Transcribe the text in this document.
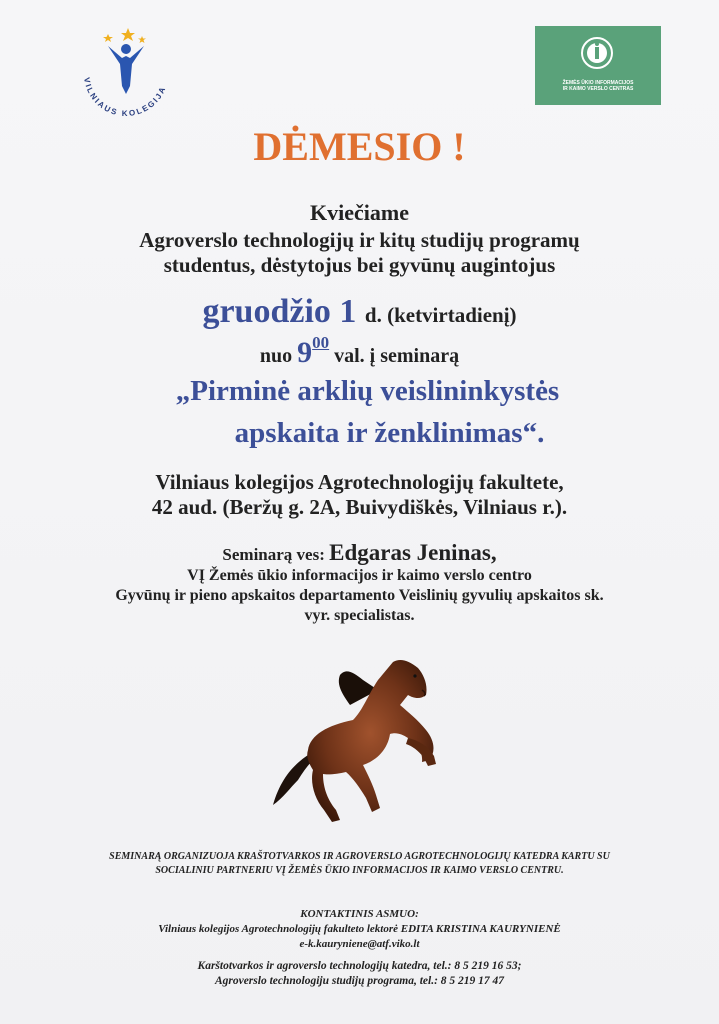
VILNIAUS KOLEGIJA
ŽEMĖS ŪKIO INFORMACIJOS
IR KAIMO VERSLO CENTRAS
DĖMESIO !
Kviečiame
Agroverslo technologijų ir kitų studijų programų
studentus, dėstytojus bei gyvūnų augintojus
gruodžio 1 d. (ketvirtadienį)
nuo $9^{00}$ val. į seminarą
„Pirminė arklių veislininkystės
apskaita ir ženklinimas“.
Vilniaus kolegijos Agrotechnologijų fakultete,
42 aud. (Beržų g. 2A, Buivydiškės, Vilniaus r.).
Seminarą ves: Edgaras Jeninas,
VĮ Žemės ūkio informacijos ir kaimo verslo centro
Gyvūnų ir pieno apskaitos departamento Veislinių gyvulių apskaitos sk.
vyr. specialistas.
SEMINARĄ ORGANIZUOJA KRAŠTOTVARKOS IR AGROVERSLO AGROTECHNOLOGIJŲ KATEDRA KARTU SU
SOCIALINIU PARTNERIU VĮ ŽEMĖS ŪKIO INFORMACIJOS IR KAIMO VERSLO CENTRU.
KONTAKTINIS ASMUO:
Vilniaus kolegijos Agrotechnologijų fakulteto lektorė EDITA KRISTINA KAURYNIENĖ
e-k.kauryniene@atf.viko.lt
Karštotvarkos ir agroverslo technologijų katedra, tel.: 8 5 219 16 53;
Agroverslo technologiju studijų programa, tel.: 8 5 219 17 47
